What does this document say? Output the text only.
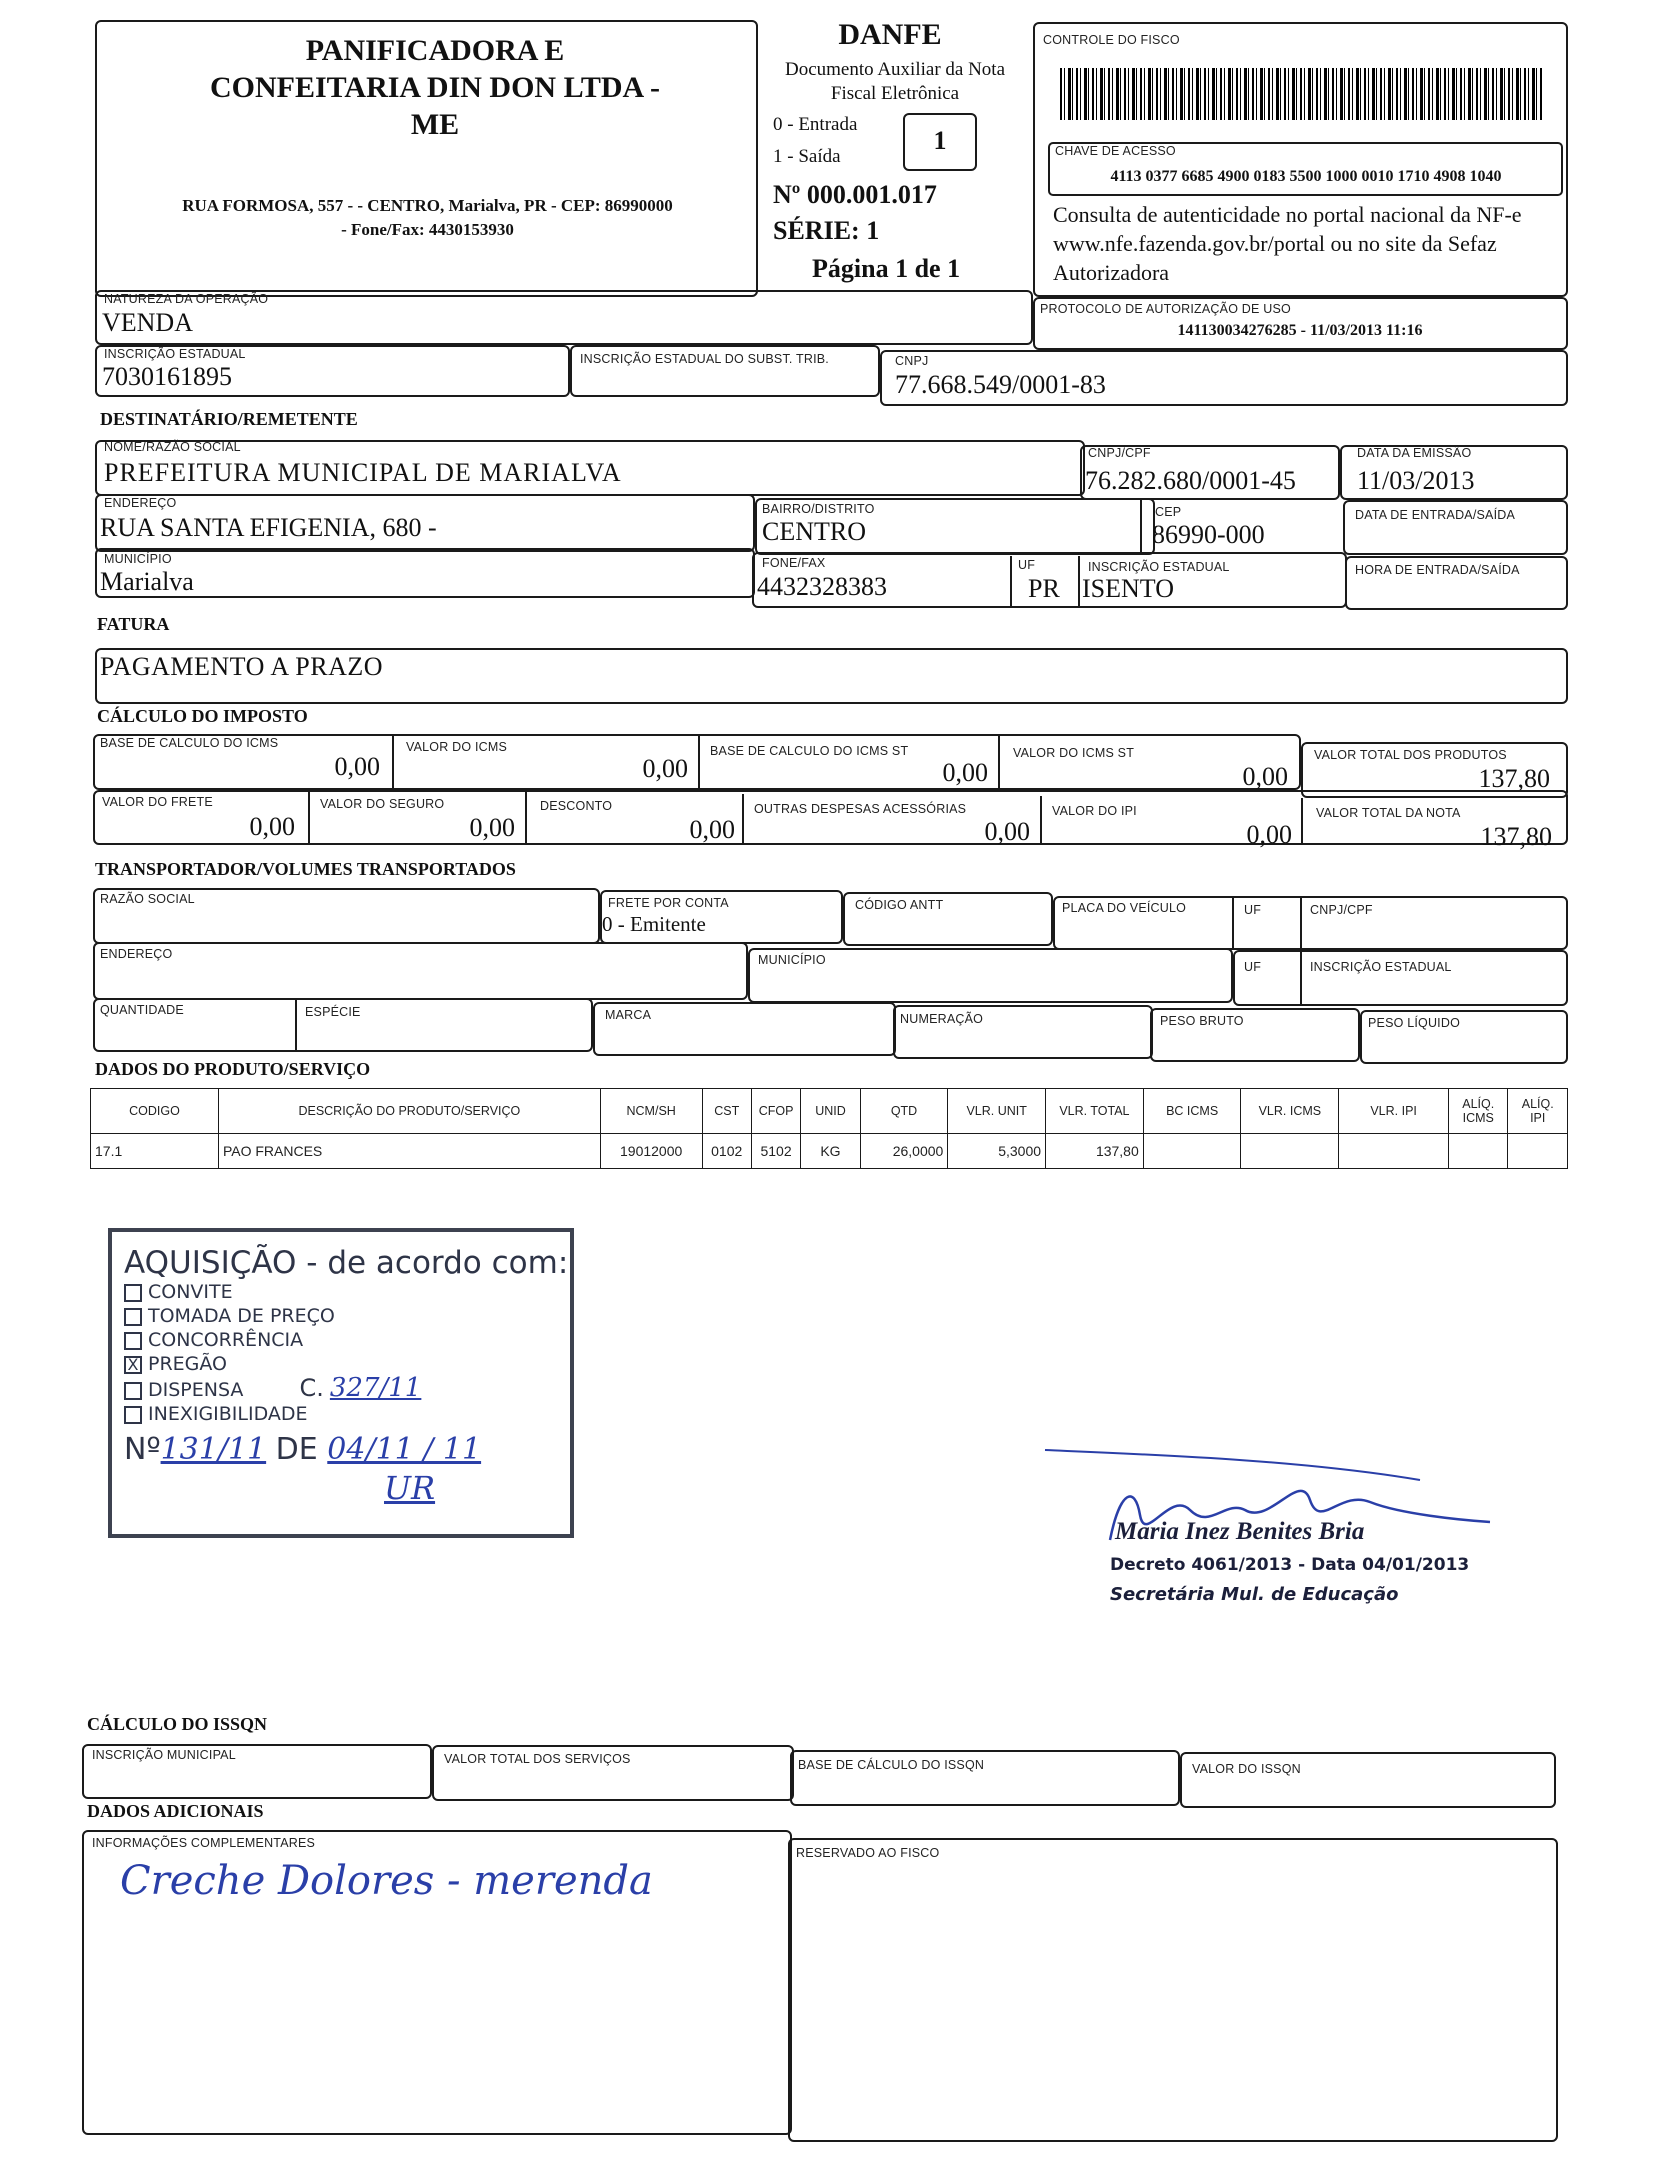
PANIFICADORA E CONFEITARIA DIN DON LTDA - ME
RUA FORMOSA, 557 - - CENTRO, Marialva, PR - CEP: 86990000
- Fone/Fax: 4430153930
DANFE
Documento Auxiliar da Nota Fiscal Eletrônica
0 - Entrada
1 - Saída
1
Nº 000.001.017
SÉRIE: 1
Página 1 de 1
CONTROLE DO FISCO
CHAVE DE ACESSO
4113 0377 6685 4900 0183 5500 1000 0010 1710 4908 1040
Consulta de autenticidade no portal nacional da NF-e www.nfe.fazenda.gov.br/portal ou no site da Sefaz Autorizadora
PROTOCOLO DE AUTORIZAÇÃO DE USO
141130034276285 - 11/03/2013 11:16
NATUREZA DA OPERAÇÃO
VENDA
INSCRIÇÃO ESTADUAL
7030161895
INSCRIÇÃO ESTADUAL DO SUBST. TRIB.	CNPJ
77.668.549/0001-83
DESTINATÁRIO/REMETENTE
NOME/RAZÃO SOCIAL
PREFEITURA MUNICIPAL DE MARIALVA
CNPJ/CPF
76.282.680/0001-45
DATA DA EMISSÃO
11/03/2013
ENDEREÇO
RUA SANTA EFIGENIA, 680 -
BAIRRO/DISTRITO
CENTRO
CEP
86990-000
DATA DE ENTRADA/SAÍDA
MUNICÍPIO
Marialva
FONE/FAX
4432328383
UF
PR
INSCRIÇÃO ESTADUAL
ISENTO
HORA DE ENTRADA/SAÍDA
FATURA
PAGAMENTO A PRAZO
CÁLCULO DO IMPOSTO
BASE DE CALCULO DO ICMS
0,00
VALOR DO ICMS
0,00
BASE DE CALCULO DO ICMS ST
0,00
VALOR DO ICMS ST
0,00
VALOR TOTAL DOS PRODUTOS
137,80
VALOR DO FRETE
0,00
VALOR DO SEGURO
0,00
DESCONTO
0,00
OUTRAS DESPESAS ACESSÓRIAS
0,00
VALOR DO IPI
0,00
VALOR TOTAL DA NOTA
137,80
TRANSPORTADOR/VOLUMES TRANSPORTADOS
RAZÃO SOCIAL	FRETE POR CONTA
0 - Emitente
CÓDIGO ANTT	PLACA DO VEÍCULO	UF	CNPJ/CPF
ENDEREÇO	MUNICÍPIO	UF	INSCRIÇÃO ESTADUAL
QUANTIDADE	ESPÉCIE	MARCA	NUMERAÇÃO	PESO BRUTO	PESO LÍQUIDO
DADOS DO PRODUTO/SERVIÇO
CODIGO	DESCRIÇÃO DO PRODUTO/SERVIÇO	NCM/SH	CST	CFOP	UNID	QTD	VLR. UNIT	VLR. TOTAL	BC ICMS	VLR. ICMS	VLR. IPI	ALÍQ. ICMS	ALÍQ. IPI
17.1	PAO FRANCES	19012000	0102	5102	KG	26,0000	5,3000	137,80					
AQUISIÇÃO - de acordo com:
CONVITE
TOMADA DE PREÇO
CONCORRÊNCIA
X PREGÃO
DISPENSA C. 327/11
INEXIGIBILIDADE
Nº131/11 DE 04/11 / 11
UR
Maria Inez Benites Bria
Decreto 4061/2013 - Data 04/01/2013
Secretária Mul. de Educação
CÁLCULO DO ISSQN
INSCRIÇÃO MUNICIPAL	VALOR TOTAL DOS SERVIÇOS	BASE DE CÁLCULO DO ISSQN	VALOR DO ISSQN
DADOS ADICIONAIS
INFORMAÇÕES COMPLEMENTARES
Creche Dolores - merenda
RESERVADO AO FISCO
